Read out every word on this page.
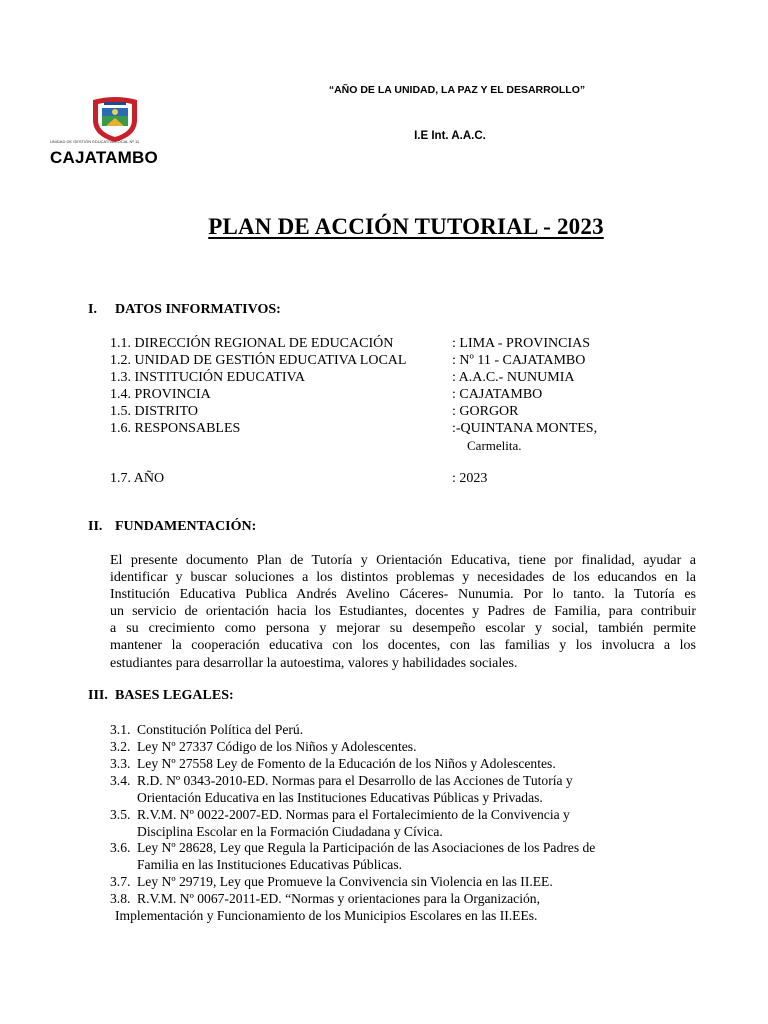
“AÑO DE LA UNIDAD, LA PAZ Y EL DESARROLLO”
UNIDAD DE GESTIÓN EDUCATIVA LOCAL Nº 11
CAJATAMBO
I.E Int. A.A.C.
PLAN DE ACCIÓN TUTORIAL - 2023
I. DATOS INFORMATIVOS:
1.1. DIRECCIÓN REGIONAL DE EDUCACIÓN	: LIMA - PROVINCIAS
1.2. UNIDAD DE GESTIÓN EDUCATIVA LOCAL	: Nº 11 - CAJATAMBO
1.3. INSTITUCIÓN EDUCATIVA	: A.A.C.- NUNUMIA
1.4. PROVINCIA	: CAJATAMBO
1.5. DISTRITO	: GORGOR
1.6. RESPONSABLES	:-QUINTANA MONTES,
Carmelita.
1.7. AÑO	: 2023
II. FUNDAMENTACIÓN:
El presente documento Plan de Tutoría y Orientación Educativa, tiene por finalidad, ayudar a
identificar y buscar soluciones a los distintos problemas y necesidades de los educandos en la
Institución Educativa Publica Andrés Avelino Cáceres- Nunumia. Por lo tanto. la Tutoría es
un servicio de orientación hacia los Estudiantes, docentes y Padres de Familia, para contribuir
a su crecimiento como persona y mejorar su desempeño escolar y social, también permite
mantener la cooperación educativa con los docentes, con las familias y los involucra a los
estudiantes para desarrollar la autoestima, valores y habilidades sociales.
III. BASES LEGALES:
3.1. Constitución Política del Perú.
3.2. Ley Nº 27337 Código de los Niños y Adolescentes.
3.3. Ley Nº 27558 Ley de Fomento de la Educación de los Niños y Adolescentes.
3.4. R.D. Nº 0343-2010-ED. Normas para el Desarrollo de las Acciones de Tutoría y
Orientación Educativa en las Instituciones Educativas Públicas y Privadas.
3.5. R.V.M. Nº 0022-2007-ED. Normas para el Fortalecimiento de la Convivencia y
Disciplina Escolar en la Formación Ciudadana y Cívica.
3.6. Ley Nº 28628, Ley que Regula la Participación de las Asociaciones de los Padres de
Familia en las Instituciones Educativas Públicas.
3.7. Ley Nº 29719, Ley que Promueve la Convivencia sin Violencia en las II.EE.
3.8. R.V.M. Nº 0067-2011-ED. “Normas y orientaciones para la Organización,
Implementación y Funcionamiento de los Municipios Escolares en las II.EEs.
